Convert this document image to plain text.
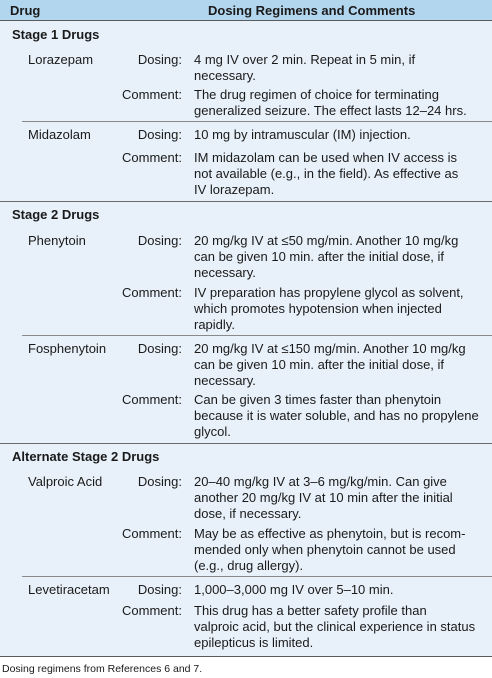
Drug	Dosing Regimens and Comments
Stage 1 Drugs
Lorazepam	Dosing: 4 mg IV over 2 min. Repeat in 5 min, if
necessary.
Comment: The drug regimen of choice for terminating
generalized seizure. The effect lasts 12–24 hrs.
Midazolam	Dosing: 10 mg by intramuscular (IM) injection.
Comment: IM midazolam can be used when IV access is
not available (e.g., in the field). As effective as
IV lorazepam.
Stage 2 Drugs
Phenytoin	Dosing: 20 mg/kg IV at ≤50 mg/min. Another 10 mg/kg
can be given 10 min. after the initial dose, if
necessary.
Comment: IV preparation has propylene glycol as solvent,
which promotes hypotension when injected
rapidly.
Fosphenytoin	Dosing: 20 mg/kg IV at ≤150 mg/min. Another 10 mg/kg
can be given 10 min. after the initial dose, if
necessary.
Comment: Can be given 3 times faster than phenytoin
because it is water soluble, and has no propylene
glycol.
Alternate Stage 2 Drugs
Valproic Acid	Dosing: 20–40 mg/kg IV at 3–6 mg/kg/min. Can give
another 20 mg/kg IV at 10 min after the initial
dose, if necessary.
Comment: May be as effective as phenytoin, but is recom-
mended only when phenytoin cannot be used
(e.g., drug allergy).
Levetiracetam	Dosing: 1,000–3,000 mg IV over 5–10 min.
Comment: This drug has a better safety profile than
valproic acid, but the clinical experience in status
epilepticus is limited.
Dosing regimens from References 6 and 7.
